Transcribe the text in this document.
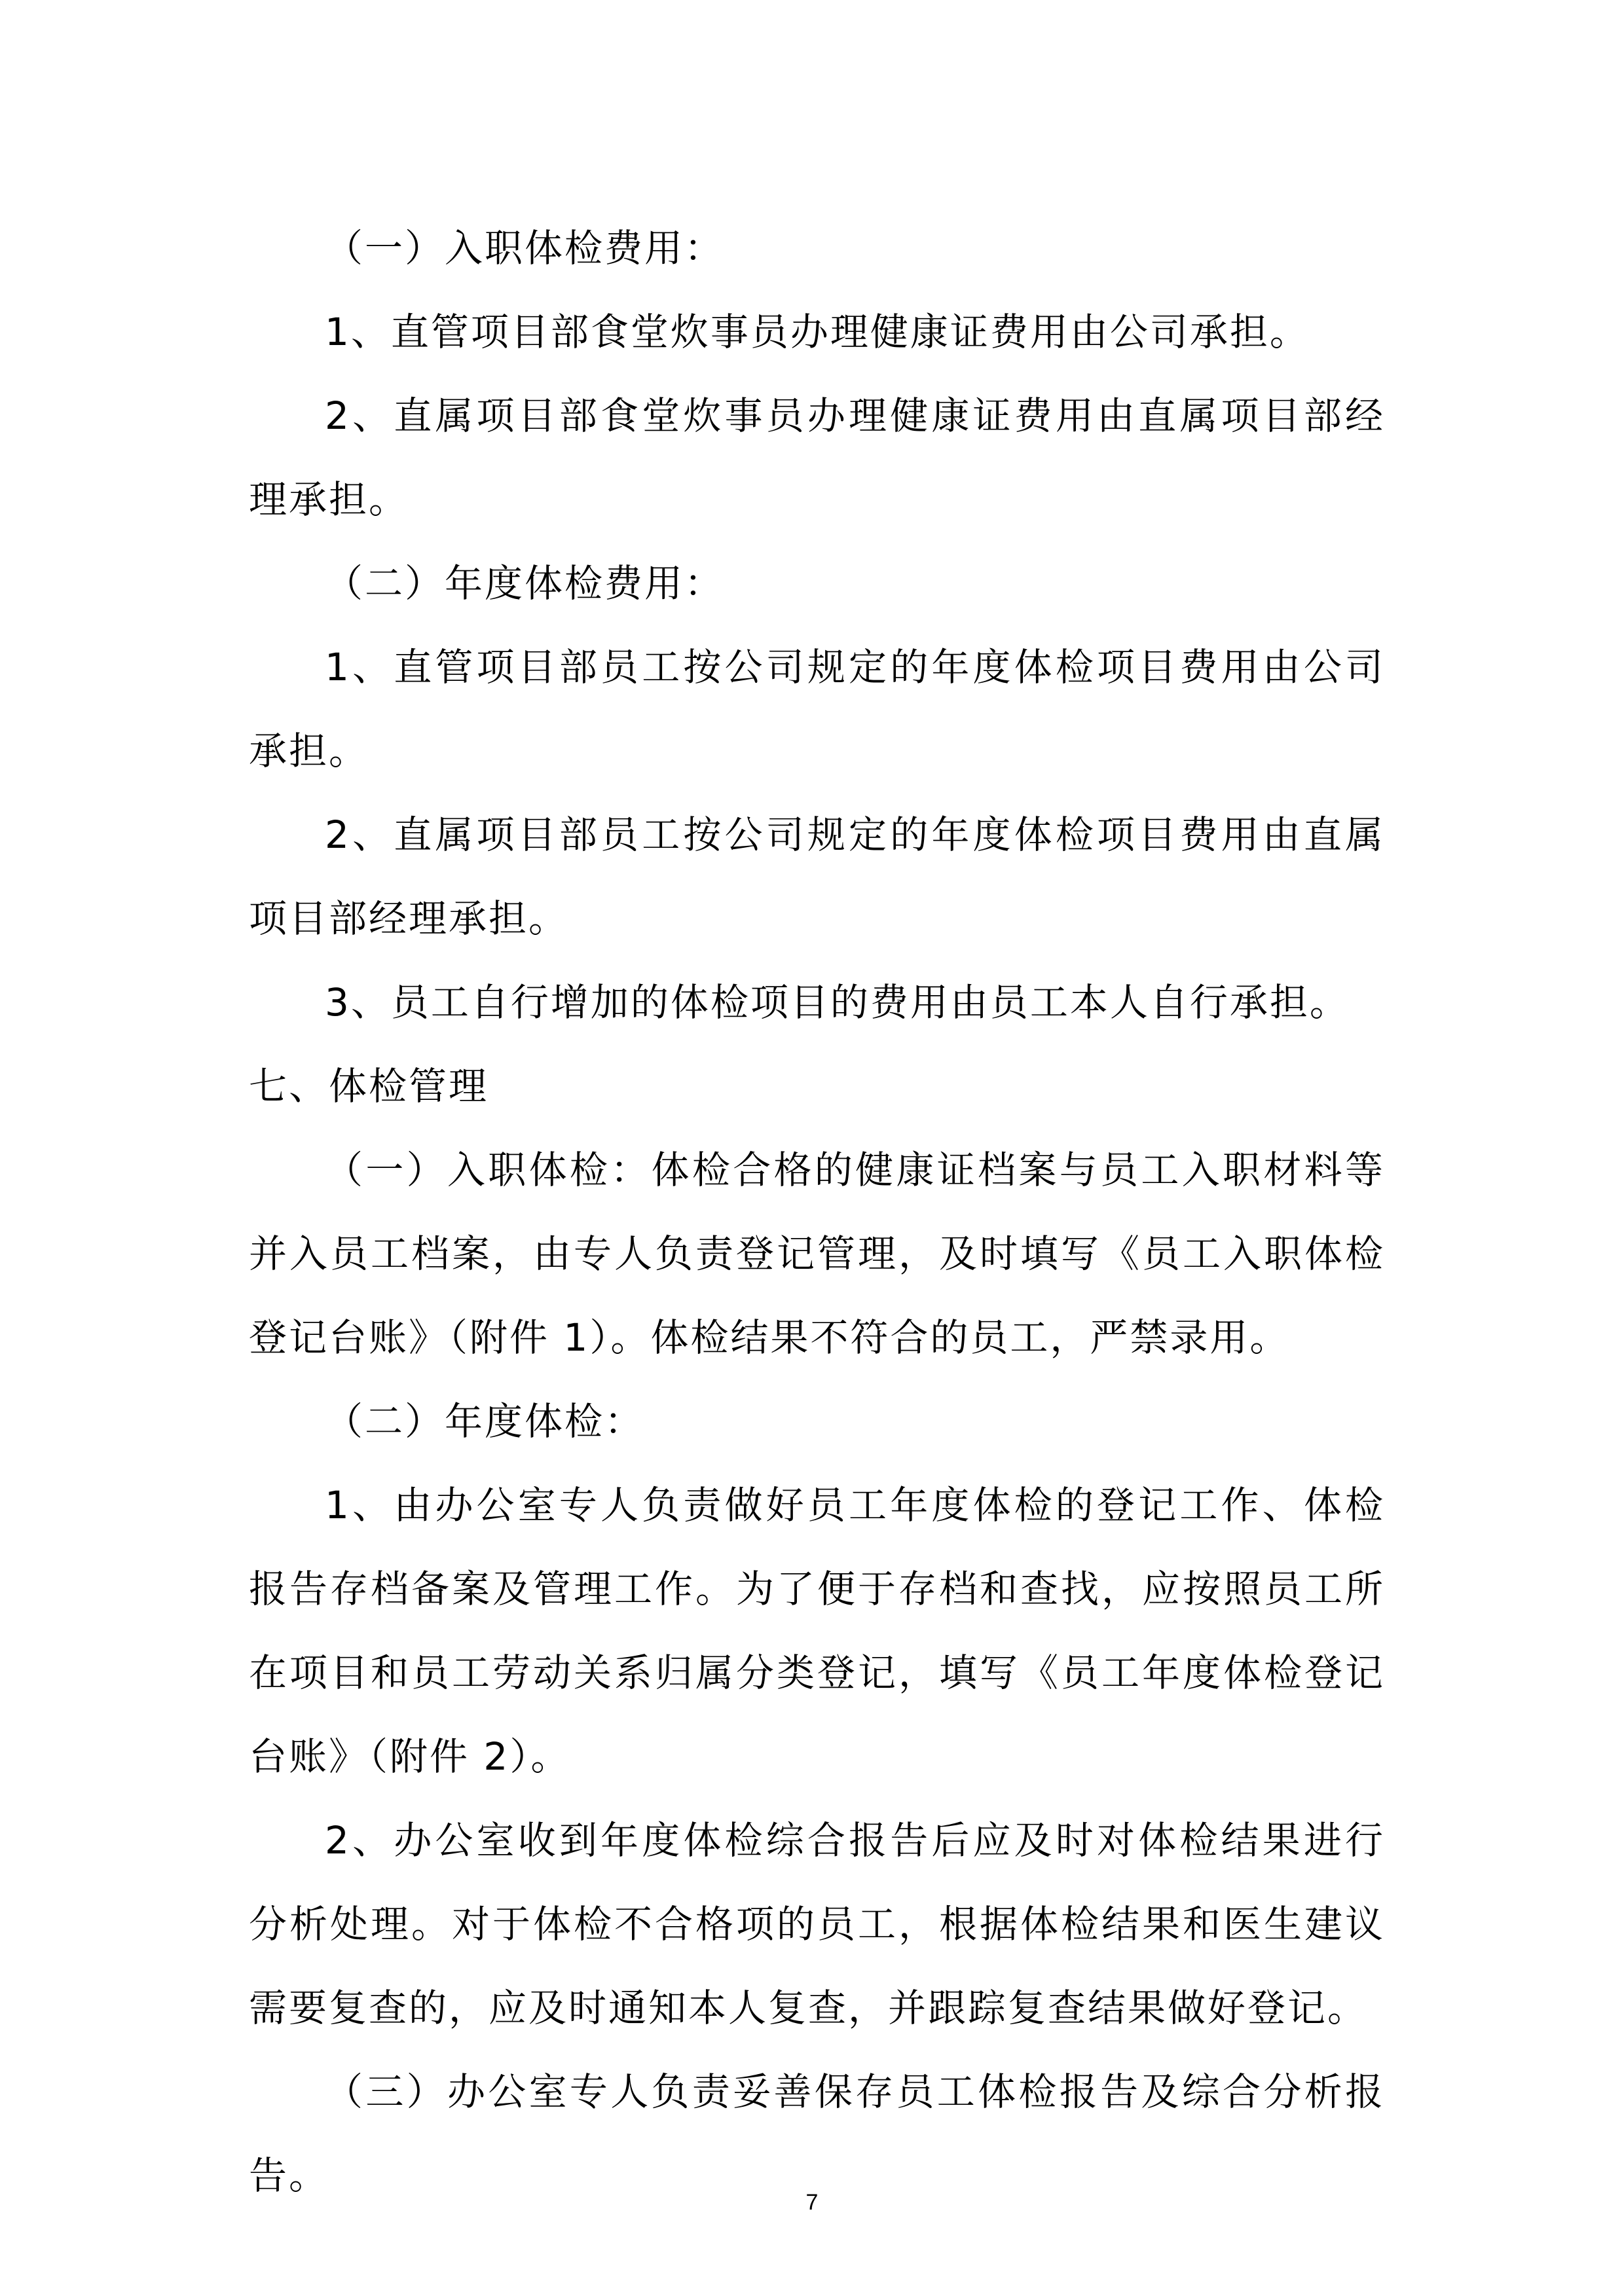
（一）入职体检费用：

1、直管项目部食堂炊事员办理健康证费用由公司承担。

2、直属项目部食堂炊事员办理健康证费用由直属项目部经理承担。

（二）年度体检费用：

1、直管项目部员工按公司规定的年度体检项目费用由公司承担。

2、直属项目部员工按公司规定的年度体检项目费用由直属项目部经理承担。

3、员工自行增加的体检项目的费用由员工本人自行承担。

七、体检管理

（一）入职体检：体检合格的健康证档案与员工入职材料等并入员工档案，由专人负责登记管理，及时填写《员工入职体检登记台账》（附件 1）。体检结果不符合的员工，严禁录用。

（二）年度体检：

1、由办公室专人负责做好员工年度体检的登记工作、体检报告存档备案及管理工作。为了便于存档和查找，应按照员工所在项目和员工劳动关系归属分类登记，填写《员工年度体检登记台账》（附件 2）。

2、办公室收到年度体检综合报告后应及时对体检结果进行分析处理。对于体检不合格项的员工，根据体检结果和医生建议需要复查的，应及时通知本人复查，并跟踪复查结果做好登记。

（三）办公室专人负责妥善保存员工体检报告及综合分析报告。

7
